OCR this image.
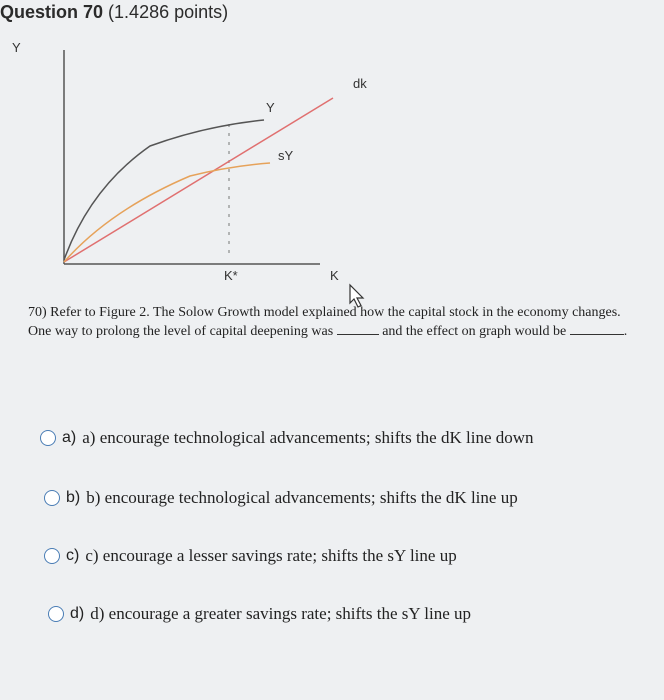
Question 70 (1.4286 points)
Y
Y
sY
dk
K*	K
70) Refer to Figure 2. The Solow Growth model explained how the capital stock in the economy changes.
One way to prolong the level of capital deepening was	and the effect on graph would be	.
a) a) encourage technological advancements; shifts the dK line down
b) b) encourage technological advancements; shifts the dK line up
c) c) encourage a lesser savings rate; shifts the sY line up
d) d) encourage a greater savings rate; shifts the sY line up
